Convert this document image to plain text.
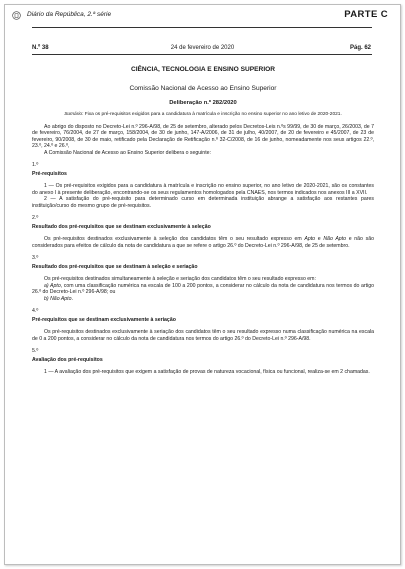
Diário da República, 2.ª série	PARTE C
N.º 38	24 de fevereiro de 2020	Pág. 62

CIÊNCIA, TECNOLOGIA E ENSINO SUPERIOR

Comissão Nacional de Acesso ao Ensino Superior

Deliberação n.º 282/2020

Sumário: Fixa os pré-requisitos exigidos para a candidatura à matrícula e inscrição no ensino superior no ano letivo de 2020-2021.

Ao abrigo do disposto no Decreto-Lei n.º 296-A/98, de 25 de setembro, alterado pelos Decretos-Leis n.ºs 99/99, de 30 de março, 26/2003, de 7 de fevereiro, 76/2004, de 27 de março, 158/2004, de 30 de junho, 147-A/2006, de 31 de julho, 40/2007, de 20 de fevereiro e 45/2007, de 23 de fevereiro, 90/2008, de 30 de maio, retificado pela Declaração de Retificação n.º 32-C/2008, de 16 de junho, nomeadamente nos seus artigos 22.º, 23.º, 24.º e 26.º,

A Comissão Nacional de Acesso ao Ensino Superior delibera o seguinte:

1.º

Pré-requisitos

1 — Os pré-requisitos exigidos para a candidatura à matrícula e inscrição no ensino superior, no ano letivo de 2020-2021, são os constantes do anexo I à presente deliberação, encontrando-se os seus regulamentos homologados pela CNAES, nos termos indicados nos anexos III a XVII.

2 — A satisfação do pré-requisito para determinado curso em determinada instituição abrange a satisfação aos restantes pares instituição/curso do mesmo grupo de pré-requisitos.

2.º

Resultado dos pré-requisitos que se destinam exclusivamente à seleção

Os pré-requisitos destinados exclusivamente à seleção dos candidatos têm o seu resultado expresso em Apto e Não Apto e não são considerados para efeitos de cálculo da nota de candidatura a que se refere o artigo 26.º do Decreto-Lei n.º 296-A/98, de 25 de setembro.

3.º

Resultado dos pré-requisitos que se destinam à seleção e seriação

Os pré-requisitos destinados simultaneamente à seleção e seriação dos candidatos têm o seu resultado expresso em:

a) Apto, com uma classificação numérica na escala de 100 a 200 pontos, a considerar no cálculo da nota de candidatura nos termos do artigo 26.º do Decreto-Lei n.º 296-A/98; ou

b) Não Apto.

4.º

Pré-requisitos que se destinam exclusivamente à seriação

Os pré-requisitos destinados exclusivamente à seriação dos candidatos têm o seu resultado expresso numa classificação numérica na escala de 0 a 200 pontos, a considerar no cálculo da nota de candidatura nos termos do artigo 26.º do Decreto-Lei n.º 296-A/98.

5.º

Avaliação dos pré-requisitos

1 — A avaliação dos pré-requisitos que exigem a satisfação de provas de natureza vocacional, física ou funcional, realiza-se em 2 chamadas.
